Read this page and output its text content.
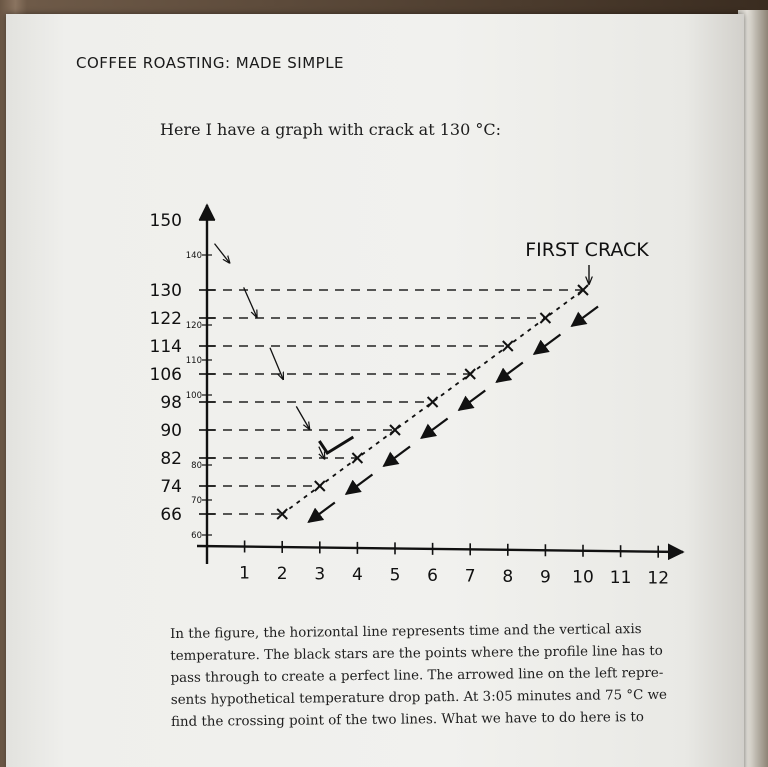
COFFEE ROASTING: MADE SIMPLE
Here I have a graph with crack at 130 °C:
1 2 3 4 5 6 7 8 9 10 11 12
66
74
82
90
98
106
114
122
130
150
60
70
80
100
110
120
140	FIRST CRACK

In the figure, the horizontal line represents time and the vertical axis

temperature. The black stars are the points where the profile line has to

pass through to create a perfect line. The arrowed line on the left repre-

sents hypothetical temperature drop path. At 3:05 minutes and 75 °C we

find the crossing point of the two lines. What we have to do here is to
